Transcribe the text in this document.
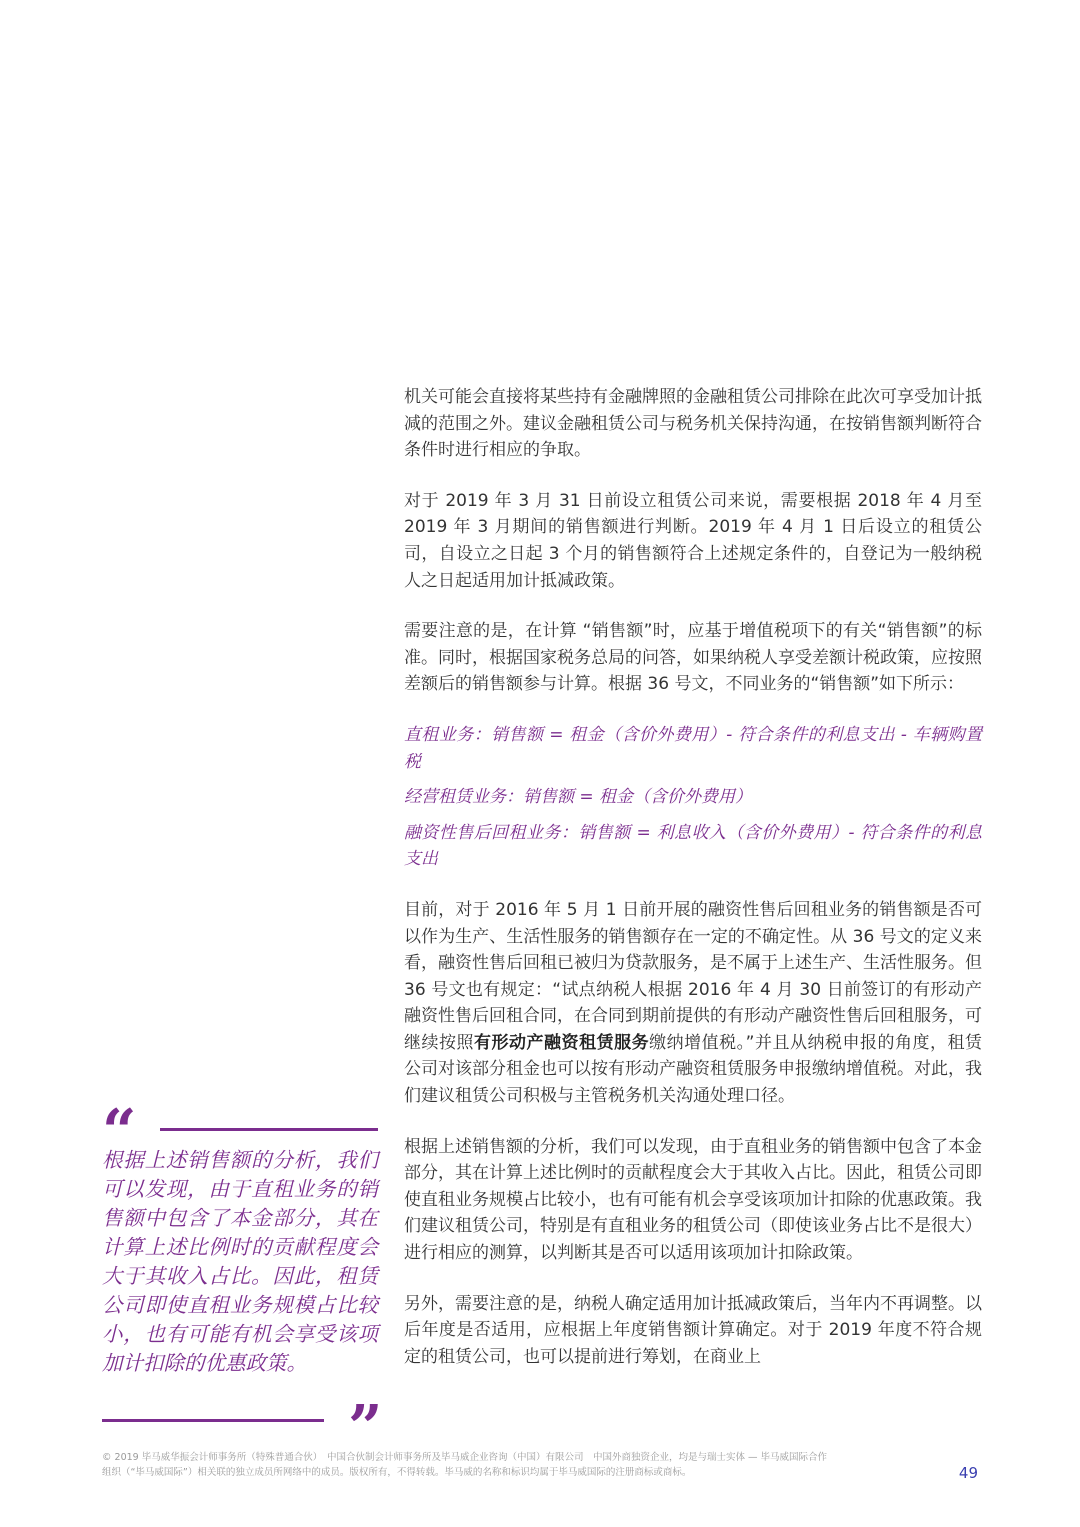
机关可能会直接将某些持有金融牌照的金融租赁公司排除在此次可享受加计抵减的范围之外。建议金融租赁公司与税务机关保持沟通，在按销售额判断符合条件时进行相应的争取。

对于 2019 年 3 月 31 日前设立租赁公司来说，需要根据 2018 年 4 月至 2019 年 3 月期间的销售额进行判断。2019 年 4 月 1 日后设立的租赁公司，自设立之日起 3 个月的销售额符合上述规定条件的，自登记为一般纳税人之日起适用加计抵减政策。

需要注意的是，在计算 “销售额”时，应基于增值税项下的有关“销售额”的标准。同时，根据国家税务总局的问答，如果纳税人享受差额计税政策，应按照差额后的销售额参与计算。根据 36 号文，不同业务的“销售额”如下所示：

直租业务：销售额 = 租金（含价外费用）- 符合条件的利息支出 - 车辆购置税

经营租赁业务：销售额 = 租金（含价外费用）

融资性售后回租业务：销售额 = 利息收入（含价外费用）- 符合条件的利息支出

目前，对于 2016 年 5 月 1 日前开展的融资性售后回租业务的销售额是否可以作为生产、生活性服务的销售额存在一定的不确定性。从 36 号文的定义来看，融资性售后回租已被归为贷款服务，是不属于上述生产、生活性服务。但 36 号文也有规定：“试点纳税人根据 2016 年 4 月 30 日前签订的有形动产融资性售后回租合同，在合同到期前提供的有形动产融资性售后回租服务，可继续按照有形动产融资租赁服务缴纳增值税。”并且从纳税申报的角度，租赁公司对该部分租金也可以按有形动产融资租赁服务申报缴纳增值税。对此，我们建议租赁公司积极与主管税务机关沟通处理口径。

根据上述销售额的分析，我们可以发现，由于直租业务的销售额中包含了本金部分，其在计算上述比例时的贡献程度会大于其收入占比。因此，租赁公司即使直租业务规模占比较小，也有可能有机会享受该项加计扣除的优惠政策。我们建议租赁公司，特别是有直租业务的租赁公司（即使该业务占比不是很大）进行相应的测算，以判断其是否可以适用该项加计扣除政策。

另外，需要注意的是，纳税人确定适用加计抵减政策后，当年内不再调整。以后年度是否适用，应根据上年度销售额计算确定。对于 2019 年度不符合规定的租赁公司，也可以提前进行筹划，在商业上

“

根据上述销售额的分析，我们可以发现，由于直租业务的销售额中包含了本金部分，其在计算上述比例时的贡献程度会大于其收入占比。因此，租赁公司即使直租业务规模占比较小，也有可能有机会享受该项加计扣除的优惠政策。

”

© 2019 毕马威华振会计师事务所（特殊普通合伙）　中国合伙制会计师事务所及毕马威企业咨询（中国）有限公司　中国外商独资企业，均是与瑞士实体 — 毕马威国际合作组织（“毕马威国际”）相关联的独立成员所网络中的成员。版权所有，不得转载。毕马威的名称和标识均属于毕马威国际的注册商标或商标。	49
